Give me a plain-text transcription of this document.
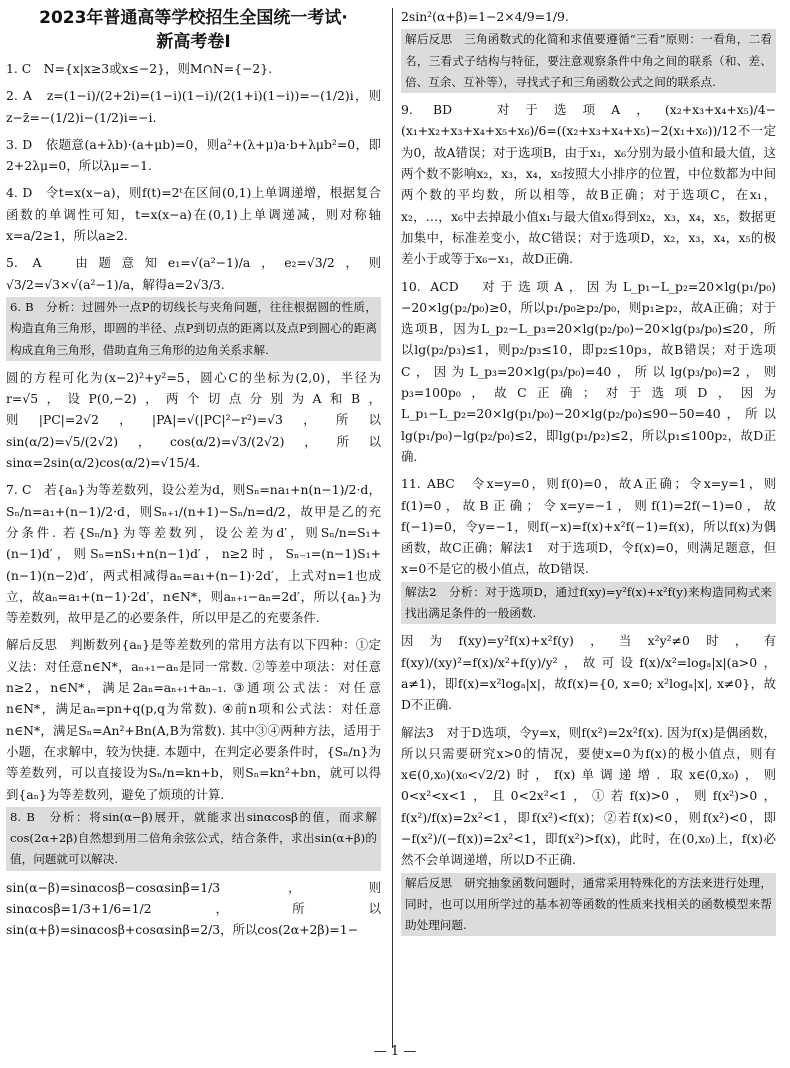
2023年普通高等学校招生全国统一考试·

新高考卷Ⅰ

1. C　N={x|x≥3或x≤−2}，则M∩N={−2}.
2. A　z=(1−i)/(2+2i)=(1−i)(1−i)/(2(1+i)(1−i))=−(1/2)i，则z−z̄=−(1/2)i−(1/2)i=−i.
3. D　依题意(a+λb)·(a+μb)=0，则a²+(λ+μ)a·b+λμb²=0，即2+2λμ=0，所以λμ=−1.
4. D　令t=x(x−a)，则f(t)=2ᵗ在区间(0,1)上单调递增，根据复合函数的单调性可知，t=x(x−a)在(0,1)上单调递减，则对称轴x=a/2≥1，所以a≥2.
5. A　由题意知e₁=√(a²−1)/a，e₂=√3/2，则√3/2=√3×√(a²−1)/a，解得a=2√3/3.
6. B　分析：过圆外一点P的切线长与夹角问题，往往根据圆的性质，构造直角三角形，即圆的半径、点P到切点的距离以及点P到圆心的距离构成直角三角形，借助直角三角形的边角关系求解.
圆的方程可化为(x−2)²+y²=5，圆心C的坐标为(2,0)，半径为r=√5，设P(0,−2)，两个切点分别为A和B，则|PC|=2√2，|PA|=√(|PC|²−r²)=√3，所以sin(α/2)=√5/(2√2)，cos(α/2)=√3/(2√2)，所以sinα=2sin(α/2)cos(α/2)=√15/4.
7. C　若{aₙ}为等差数列，设公差为d，则Sₙ=na₁+n(n−1)/2·d，Sₙ/n=a₁+(n−1)/2·d，则Sₙ₊₁/(n+1)−Sₙ/n=d/2，故甲是乙的充分条件. 若{Sₙ/n}为等差数列，设公差为d′，则Sₙ/n=S₁+(n−1)d′，则Sₙ=nS₁+n(n−1)d′，n≥2时，Sₙ₋₁=(n−1)S₁+(n−1)(n−2)d′，两式相减得aₙ=a₁+(n−1)·2d′，上式对n=1也成立，故aₙ=a₁+(n−1)·2d′，n∈N*，则aₙ₊₁−aₙ=2d′，所以{aₙ}为等差数列，故甲是乙的必要条件，所以甲是乙的充要条件.
解后反思　判断数列{aₙ}是等差数列的常用方法有以下四种：①定义法：对任意n∈N*，aₙ₊₁−aₙ是同一常数. ②等差中项法：对任意n≥2，n∈N*，满足2aₙ=aₙ₊₁+aₙ₋₁. ③通项公式法：对任意n∈N*，满足aₙ=pn+q(p,q为常数). ④前n项和公式法：对任意n∈N*，满足Sₙ=An²+Bn(A,B为常数). 其中③④两种方法，适用于小题，在求解中，较为快捷. 本题中，在判定必要条件时，{Sₙ/n}为等差数列，可以直接设为Sₙ/n=kn+b，则Sₙ=kn²+bn，就可以得到{aₙ}为等差数列，避免了烦琐的计算.
8. B　分析：将sin(α−β)展开，就能求出sinαcosβ的值，而求解cos(2α+2β)自然想到用二倍角余弦公式，结合条件，求出sin(α+β)的值，问题就可以解决.
sin(α−β)=sinαcosβ−cosαsinβ=1/3，则sinαcosβ=1/3+1/6=1/2，所以sin(α+β)=sinαcosβ+cosαsinβ=2/3，所以cos(2α+2β)=1−
2sin²(α+β)=1−2×4/9=1/9.
解后反思　三角函数式的化简和求值要遵循“三看”原则：一看角，二看名，三看式子结构与特征，要注意观察条件中角之间的联系（和、差、倍、互余、互补等），寻找式子和三角函数公式之间的联系点.
9. BD　对于选项A，(x₂+x₃+x₄+x₅)/4−(x₁+x₂+x₃+x₄+x₅+x₆)/6=((x₂+x₃+x₄+x₅)−2(x₁+x₆))/12不一定为0，故A错误；对于选项B，由于x₁，x₆分别为最小值和最大值，这两个数不影响x₂，x₃，x₄，x₅按照大小排序的位置，中位数都为中间两个数的平均数，所以相等，故B正确；对于选项C，在x₁，x₂，…，x₆中去掉最小值x₁与最大值x₆得到x₂，x₃，x₄，x₅，数据更加集中，标准差变小，故C错误；对于选项D，x₂，x₃，x₄，x₅的极差小于或等于x₆−x₁，故D正确.
10. ACD　对于选项A，因为L_p₁−L_p₂=20×lg(p₁/p₀)−20×lg(p₂/p₀)≥0，所以p₁/p₀≥p₂/p₀，则p₁≥p₂，故A正确；对于选项B，因为L_p₂−L_p₃=20×lg(p₂/p₀)−20×lg(p₃/p₀)≤20，所以lg(p₂/p₃)≤1，则p₂/p₃≤10，即p₂≤10p₃，故B错误；对于选项C，因为L_p₃=20×lg(p₃/p₀)=40，所以lg(p₃/p₀)=2，则p₃=100p₀，故C正确；对于选项D，因为L_p₁−L_p₂=20×lg(p₁/p₀)−20×lg(p₂/p₀)≤90−50=40，所以lg(p₁/p₀)−lg(p₂/p₀)≤2，即lg(p₁/p₂)≤2，所以p₁≤100p₂，故D正确.
11. ABC　令x=y=0，则f(0)=0，故A正确；令x=y=1，则f(1)=0，故B正确；令x=y=−1，则f(1)=2f(−1)=0，故f(−1)=0，令y=−1，则f(−x)=f(x)+x²f(−1)=f(x)，所以f(x)为偶函数，故C正确；解法1　对于选项D，令f(x)=0，则满足题意，但x=0不是它的极小值点，故D错误.
解法2　分析：对于选项D，通过f(xy)=y²f(x)+x²f(y)来构造同构式来找出满足条件的一般函数.
因为f(xy)=y²f(x)+x²f(y)，当x²y²≠0时，有f(xy)/(xy)²=f(x)/x²+f(y)/y²，故可设f(x)/x²=logₐ|x|(a>0，a≠1)，即f(x)=x²logₐ|x|，故f(x)={0, x=0; x²logₐ|x|, x≠0}，故D不正确.
解法3　对于D选项，令y=x，则f(x²)=2x²f(x). 因为f(x)是偶函数，所以只需要研究x>0的情况，要使x=0为f(x)的极小值点，则有x∈(0,x₀)(x₀<√2/2)时，f(x)单调递增. 取x∈(0,x₀)，则0<x²<x<1，且0<2x²<1，①若f(x)>0，则f(x²)>0，f(x²)/f(x)=2x²<1，即f(x²)<f(x)；②若f(x)<0，则f(x²)<0，即−f(x²)/(−f(x))=2x²<1，即f(x²)>f(x)，此时，在(0,x₀)上，f(x)必然不会单调递增，所以D不正确.
解后反思　研究抽象函数问题时，通常采用特殊化的方法来进行处理，同时，也可以用所学过的基本初等函数的性质来找相关的函数模型来帮助处理问题.
— 1 —
